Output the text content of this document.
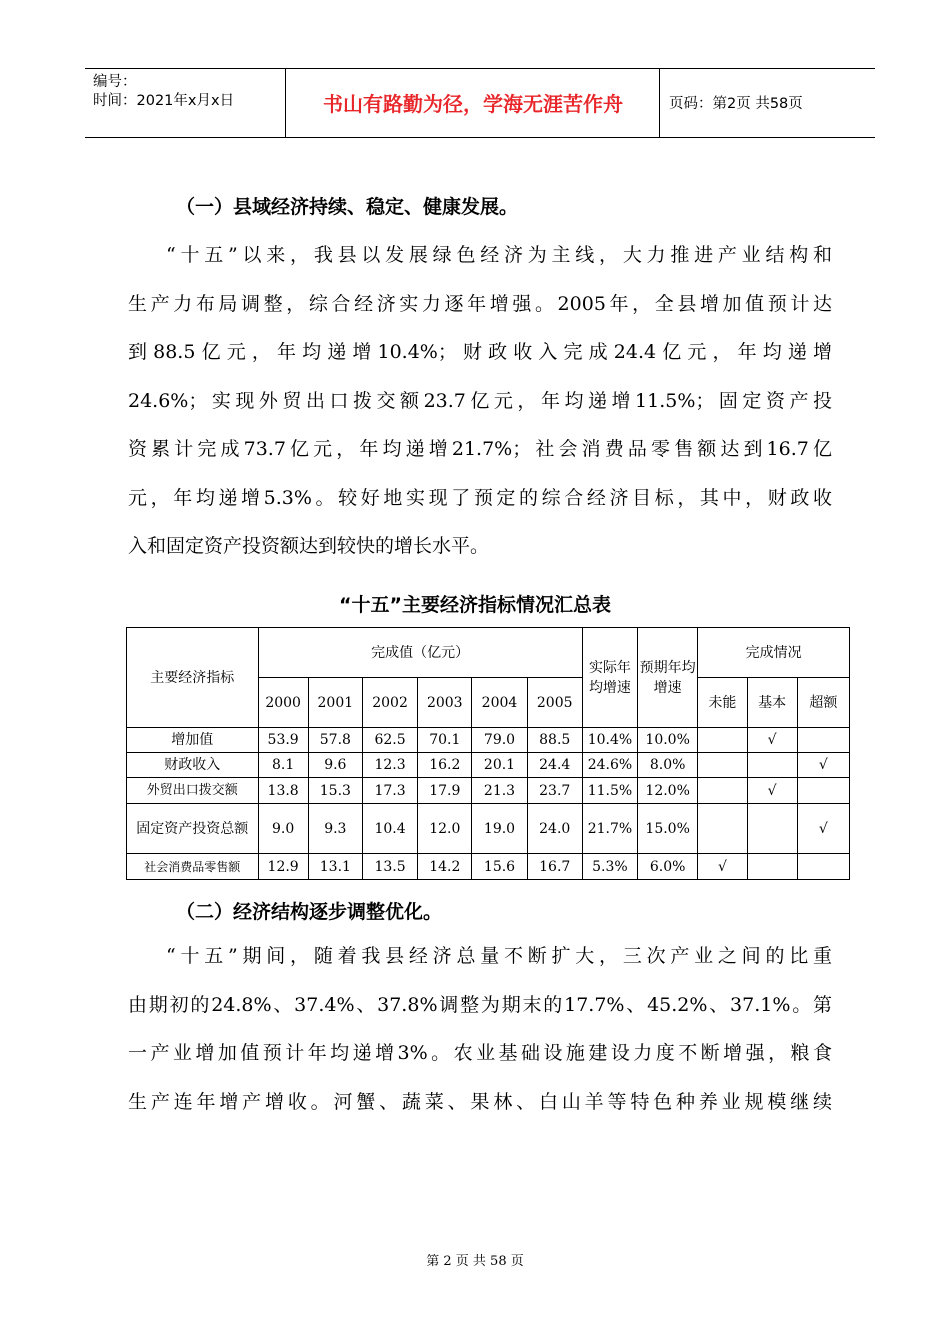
编号：
时间：2021年x月x日	书山有路勤为径，学海无涯苦作舟	页码：第2页 共58页
（一）县域经济持续、稳定、健康发展。
“十五”以来，我县以发展绿色经济为主线，大力推进产业结构和
生产力布局调整，综合经济实力逐年增强。2005年，全县增加值预计达
到88.5亿元，年均递增10.4%；财政收入完成24.4亿元，年均递增
24.6%；实现外贸出口拨交额23.7亿元，年均递增11.5%；固定资产投
资累计完成73.7亿元，年均递增21.7%；社会消费品零售额达到16.7亿
元，年均递增5.3%。较好地实现了预定的综合经济目标，其中，财政收
入和固定资产投资额达到较快的增长水平。
“十五”主要经济指标情况汇总表
主要经济指标	完成值（亿元）						实际年均增速	预期年均增速	完成情况		
	2000	2001	2002	2003	2004	2005			未能	基本	超额
增加值	53.9	57.8	62.5	70.1	79.0	88.5	10.4%	10.0%		√	
财政收入	8.1	9.6	12.3	16.2	20.1	24.4	24.6%	8.0%			√
外贸出口拨交额	13.8	15.3	17.3	17.9	21.3	23.7	11.5%	12.0%		√	
固定资产投资总额	9.0	9.3	10.4	12.0	19.0	24.0	21.7%	15.0%			√
社会消费品零售额	12.9	13.1	13.5	14.2	15.6	16.7	5.3%	6.0%	√		
（二）经济结构逐步调整优化。
“十五”期间，随着我县经济总量不断扩大，三次产业之间的比重
由期初的24.8%、37.4%、37.8%调整为期末的17.7%、45.2%、37.1%。第
一产业增加值预计年均递增3%。农业基础设施建设力度不断增强，粮食
生产连年增产增收。河蟹、蔬菜、果林、白山羊等特色种养业规模继续
第 2 页 共 58 页
